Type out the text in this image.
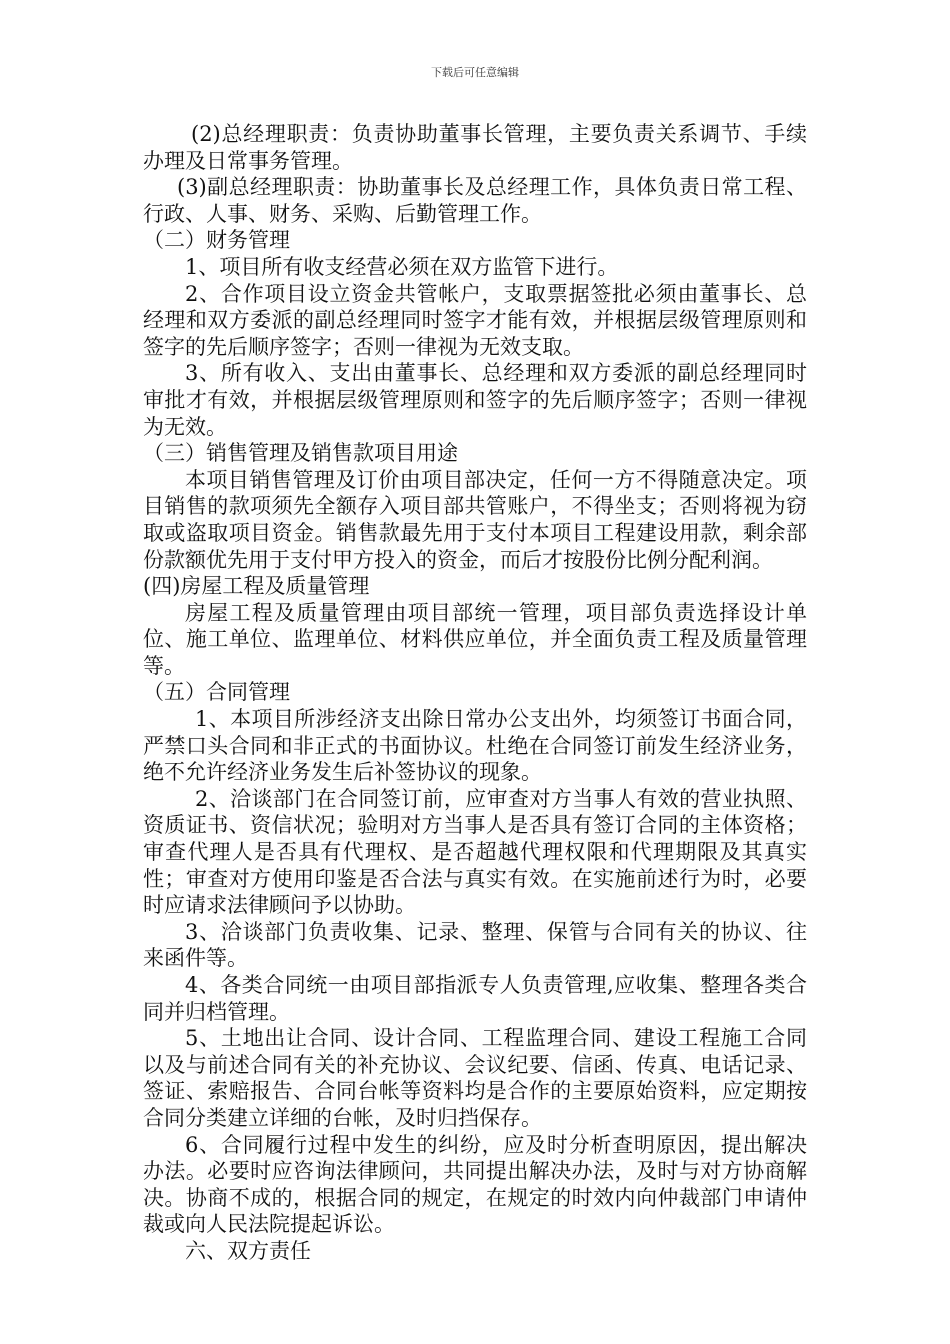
下载后可任意编辑

(2)总经理职责：负责协助董事长管理，主要负责关系调节、手续办理及日常事务管理。

(3)副总经理职责：协助董事长及总经理工作，具体负责日常工程、行政、人事、财务、采购、后勤管理工作。

（二）财务管理

1、项目所有收支经营必须在双方监管下进行。

2、合作项目设立资金共管帐户，支取票据签批必须由董事长、总经理和双方委派的副总经理同时签字才能有效，并根据层级管理原则和签字的先后顺序签字；否则一律视为无效支取。

3、所有收入、支出由董事长、总经理和双方委派的副总经理同时审批才有效，并根据层级管理原则和签字的先后顺序签字；否则一律视为无效。

（三）销售管理及销售款项目用途

本项目销售管理及订价由项目部决定，任何一方不得随意决定。项目销售的款项须先全额存入项目部共管账户，不得坐支；否则将视为窃取或盗取项目资金。销售款最先用于支付本项目工程建设用款，剩余部份款额优先用于支付甲方投入的资金，而后才按股份比例分配利润。

(四)房屋工程及质量管理

房屋工程及质量管理由项目部统一管理，项目部负责选择设计单位、施工单位、监理单位、材料供应单位，并全面负责工程及质量管理等。

（五）合同管理

1、本项目所涉经济支出除日常办公支出外，均须签订书面合同，严禁口头合同和非正式的书面协议。杜绝在合同签订前发生经济业务，绝不允许经济业务发生后补签协议的现象。

2、洽谈部门在合同签订前，应审查对方当事人有效的营业执照、资质证书、资信状况；验明对方当事人是否具有签订合同的主体资格；审查代理人是否具有代理权、是否超越代理权限和代理期限及其真实性；审查对方使用印鉴是否合法与真实有效。在实施前述行为时，必要时应请求法律顾问予以协助。

3、洽谈部门负责收集、记录、整理、保管与合同有关的协议、往来函件等。

4、各类合同统一由项目部指派专人负责管理,应收集、整理各类合同并归档管理。

5、土地出让合同、设计合同、工程监理合同、建设工程施工合同以及与前述合同有关的补充协议、会议纪要、信函、传真、电话记录、签证、索赔报告、合同台帐等资料均是合作的主要原始资料，应定期按合同分类建立详细的台帐，及时归挡保存。

6、合同履行过程中发生的纠纷，应及时分析查明原因，提出解决办法。必要时应咨询法律顾问，共同提出解决办法，及时与对方协商解决。协商不成的，根据合同的规定，在规定的时效内向仲裁部门申请仲裁或向人民法院提起诉讼。

六、双方责任
